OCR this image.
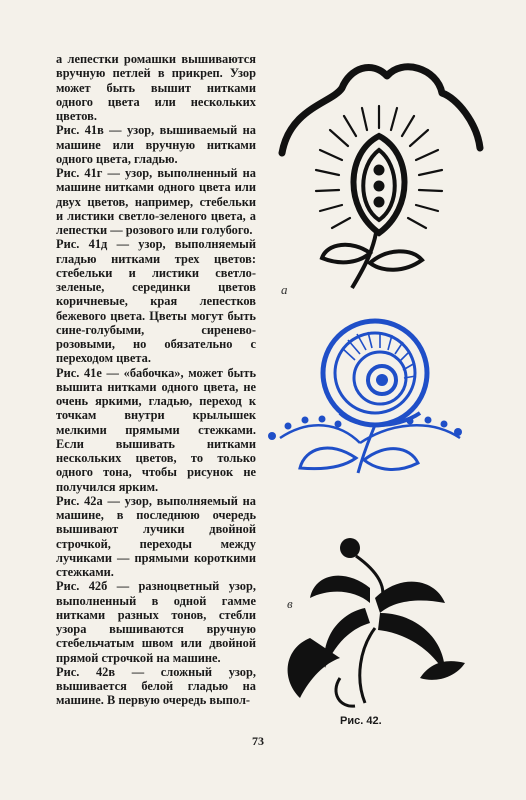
а лепестки ромашки вышиваются вручную петлей в прикреп. Узор может быть вышит нитками одного цвета или нескольких цветов.

Рис. 41в — узор, вышиваемый на машине или вручную нитками одного цвета, гладью.

Рис. 41г — узор, выполненный на машине нитками одного цвета или двух цветов, например, стебельки и листики светло-зеленого цвета, а лепестки — розового или голубого.

Рис. 41д — узор, выполняемый гладью нитками трех цветов: стебельки и листики светло-зеленые, серединки цветов коричневые, края лепестков бежевого цвета. Цветы могут быть сине-голубыми, сиренево-розовыми, но обязательно с переходом цвета.

Рис. 41е — «бабочка», может быть вышита нитками одного цвета, не очень яркими, гладью, переход к точкам внутри крылышек мелкими прямыми стежками. Если вышивать нитками нескольких цветов, то только одного тона, чтобы рисунок не получился ярким.

Рис. 42а — узор, выполняемый на машине, в последнюю очередь вышивают лучики двойной строчкой, переходы между лучиками — прямыми короткими стежками.

Рис. 42б — разноцветный узор, выполненный в одной гамме нитками разных тонов, стебли узора вышиваются вручную стебельчатым швом или двойной прямой строчкой на машине.

Рис. 42в — сложный узор, вышивается белой гладью на машине. В первую очередь выпол-

а
в
Рис. 42.
73
